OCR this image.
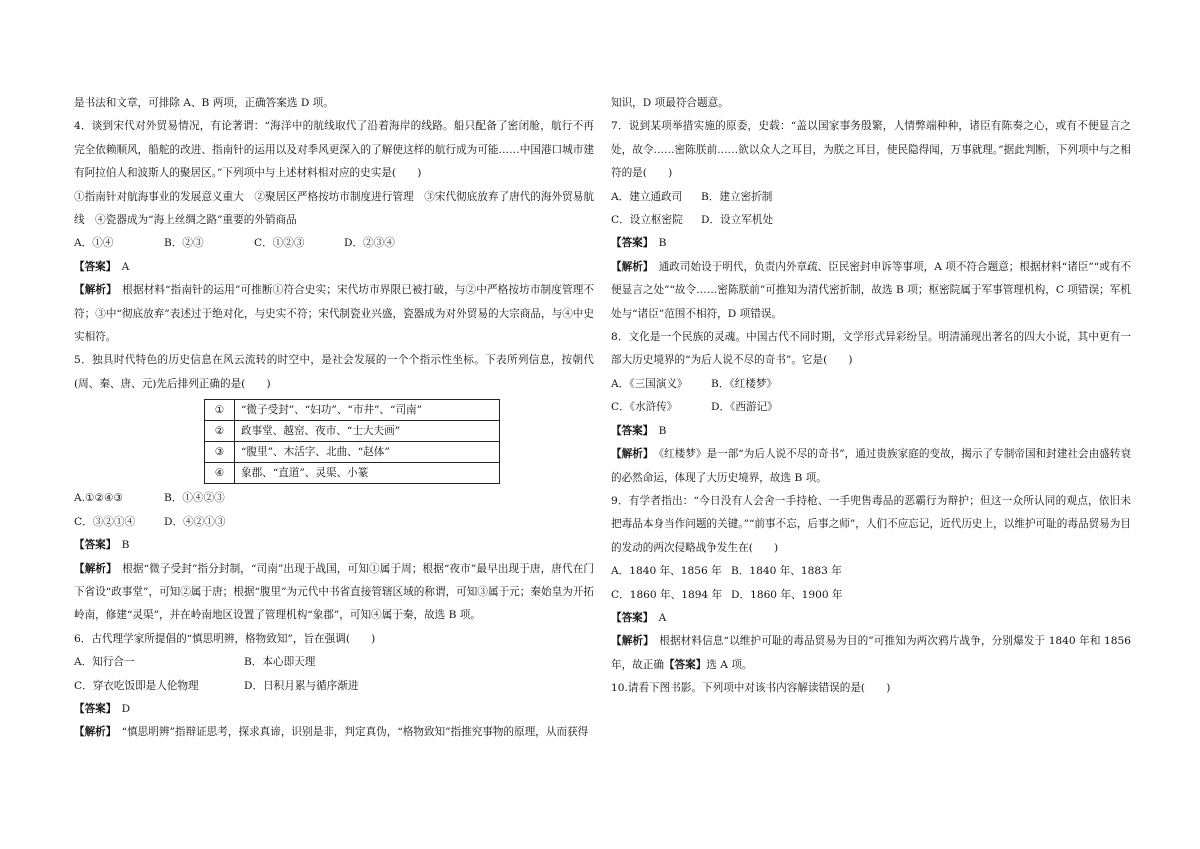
是书法和文章，可排除 A、B 两项，正确答案选 D 项。

4．谈到宋代对外贸易情况，有论著谓：“海洋中的航线取代了沿着海岸的线路。船只配备了密闭舱，航行不再完全依赖顺风，船舵的改进、指南针的运用以及对季风更深入的了解使这样的航行成为可能……中国港口城市建有阿拉伯人和波斯人的聚居区。”下列项中与上述材料相对应的史实是(　　)

①指南针对航海事业的发展意义重大　②聚居区严格按坊市制度进行管理　③宋代彻底放弃了唐代的海外贸易航线　④瓷器成为“海上丝绸之路”重要的外销商品

A．①④	B．②③	C．①②③	D．②③④

【答案】　 A

【解析】　 根据材料“指南针的运用”可推断①符合史实；宋代坊市界限已被打破，与②中严格按坊市制度管理不符；③中“彻底放弃”表述过于绝对化，与史实不符；宋代制瓷业兴盛，瓷器成为对外贸易的大宗商品，与④中史实相符。

5．独具时代特色的历史信息在风云流转的时空中，是社会发展的一个个指示性坐标。下表所列信息，按朝代(周、秦、唐、元)先后排列正确的是(　　)

①	“微子受封”、“妇功”、“市井”、“司南”
②	政事堂、越窑、夜市、“士大夫画”
③	“腹里”、木活字、北曲、“赵体”
④	象郡、“直道”、灵渠、小篆
A.①②④③	B．①④②③
C．③②①④	D．④②①③

【答案】　 B

【解析】　 根据“微子受封”指分封制，“司南”出现于战国，可知①属于周；根据“夜市”最早出现于唐，唐代在门下省设“政事堂”，可知②属于唐；根据“腹里”为元代中书省直接管辖区域的称谓，可知③属于元；秦始皇为开拓岭南，修建“灵渠”，并在岭南地区设置了管理机构“象郡”，可知④属于秦，故选 B 项。

6．古代理学家所提倡的“慎思明辨，格物致知”，旨在强调(　　)

A．知行合一	B．本心即天理
C．穿衣吃饭即是人伦物理	D．日积月累与循序渐进

【答案】　 D

【解析】　 “慎思明辨”指辩证思考，探求真谛，识别是非，判定真伪，“格物致知”指推究事物的原理，从而获得

知识，D 项最符合题意。

7．说到某项举措实施的原委，史载：“盖以国家事务殷繁，人情弊端种种，诸臣有陈奏之心，或有不便显言之处，故令……密陈朕前……欲以众人之耳目，为朕之耳目，使民隐得闻，万事就理。”据此判断，下列项中与之相符的是(　　)

A．建立通政司	B．建立密折制
C．设立枢密院	D．设立军机处

【答案】　 B

【解析】　 通政司始设于明代，负责内外章疏、臣民密封申诉等事项，A 项不符合题意；根据材料“诸臣”“或有不便显言之处”“故令……密陈朕前”可推知为清代密折制，故选 B 项；枢密院属于军事管理机构，C 项错误；军机处与“诸臣”范围不相符，D 项错误。

8．文化是一个民族的灵魂。中国古代不同时期，文学形式异彩纷呈。明清涌现出著名的四大小说，其中更有一部大历史境界的“为后人说不尽的奇书”。它是(　　)

A．《三国演义》	B．《红楼梦》
C．《水浒传》	D．《西游记》

【答案】　 B

【解析】　 《红楼梦》是一部“为后人说不尽的奇书”，通过贵族家庭的变故，揭示了专制帝国和封建社会由盛转衰的必然命运，体现了大历史境界，故选 B 项。

9．有学者指出：“今日没有人会舍一手持枪、一手兜售毒品的恶霸行为辩护；但这一众所认同的观点，依旧未把毒品本身当作问题的关键。”“前事不忘，后事之师”，人们不应忘记，近代历史上，以维护可耻的毒品贸易为目的发动的两次侵略战争发生在(　　)

A．1840 年、1856 年 B．1840 年、1883 年
C．1860 年、1894 年 D．1860 年、1900 年

【答案】　 A

【解析】　 根据材料信息“以维护可耻的毒品贸易为目的”可推知为两次鸦片战争，分别爆发于 1840 年和 1856 年，故正确【答案】选 A 项。

10.请看下图书影。下列项中对该书内容解读错误的是(　　)
